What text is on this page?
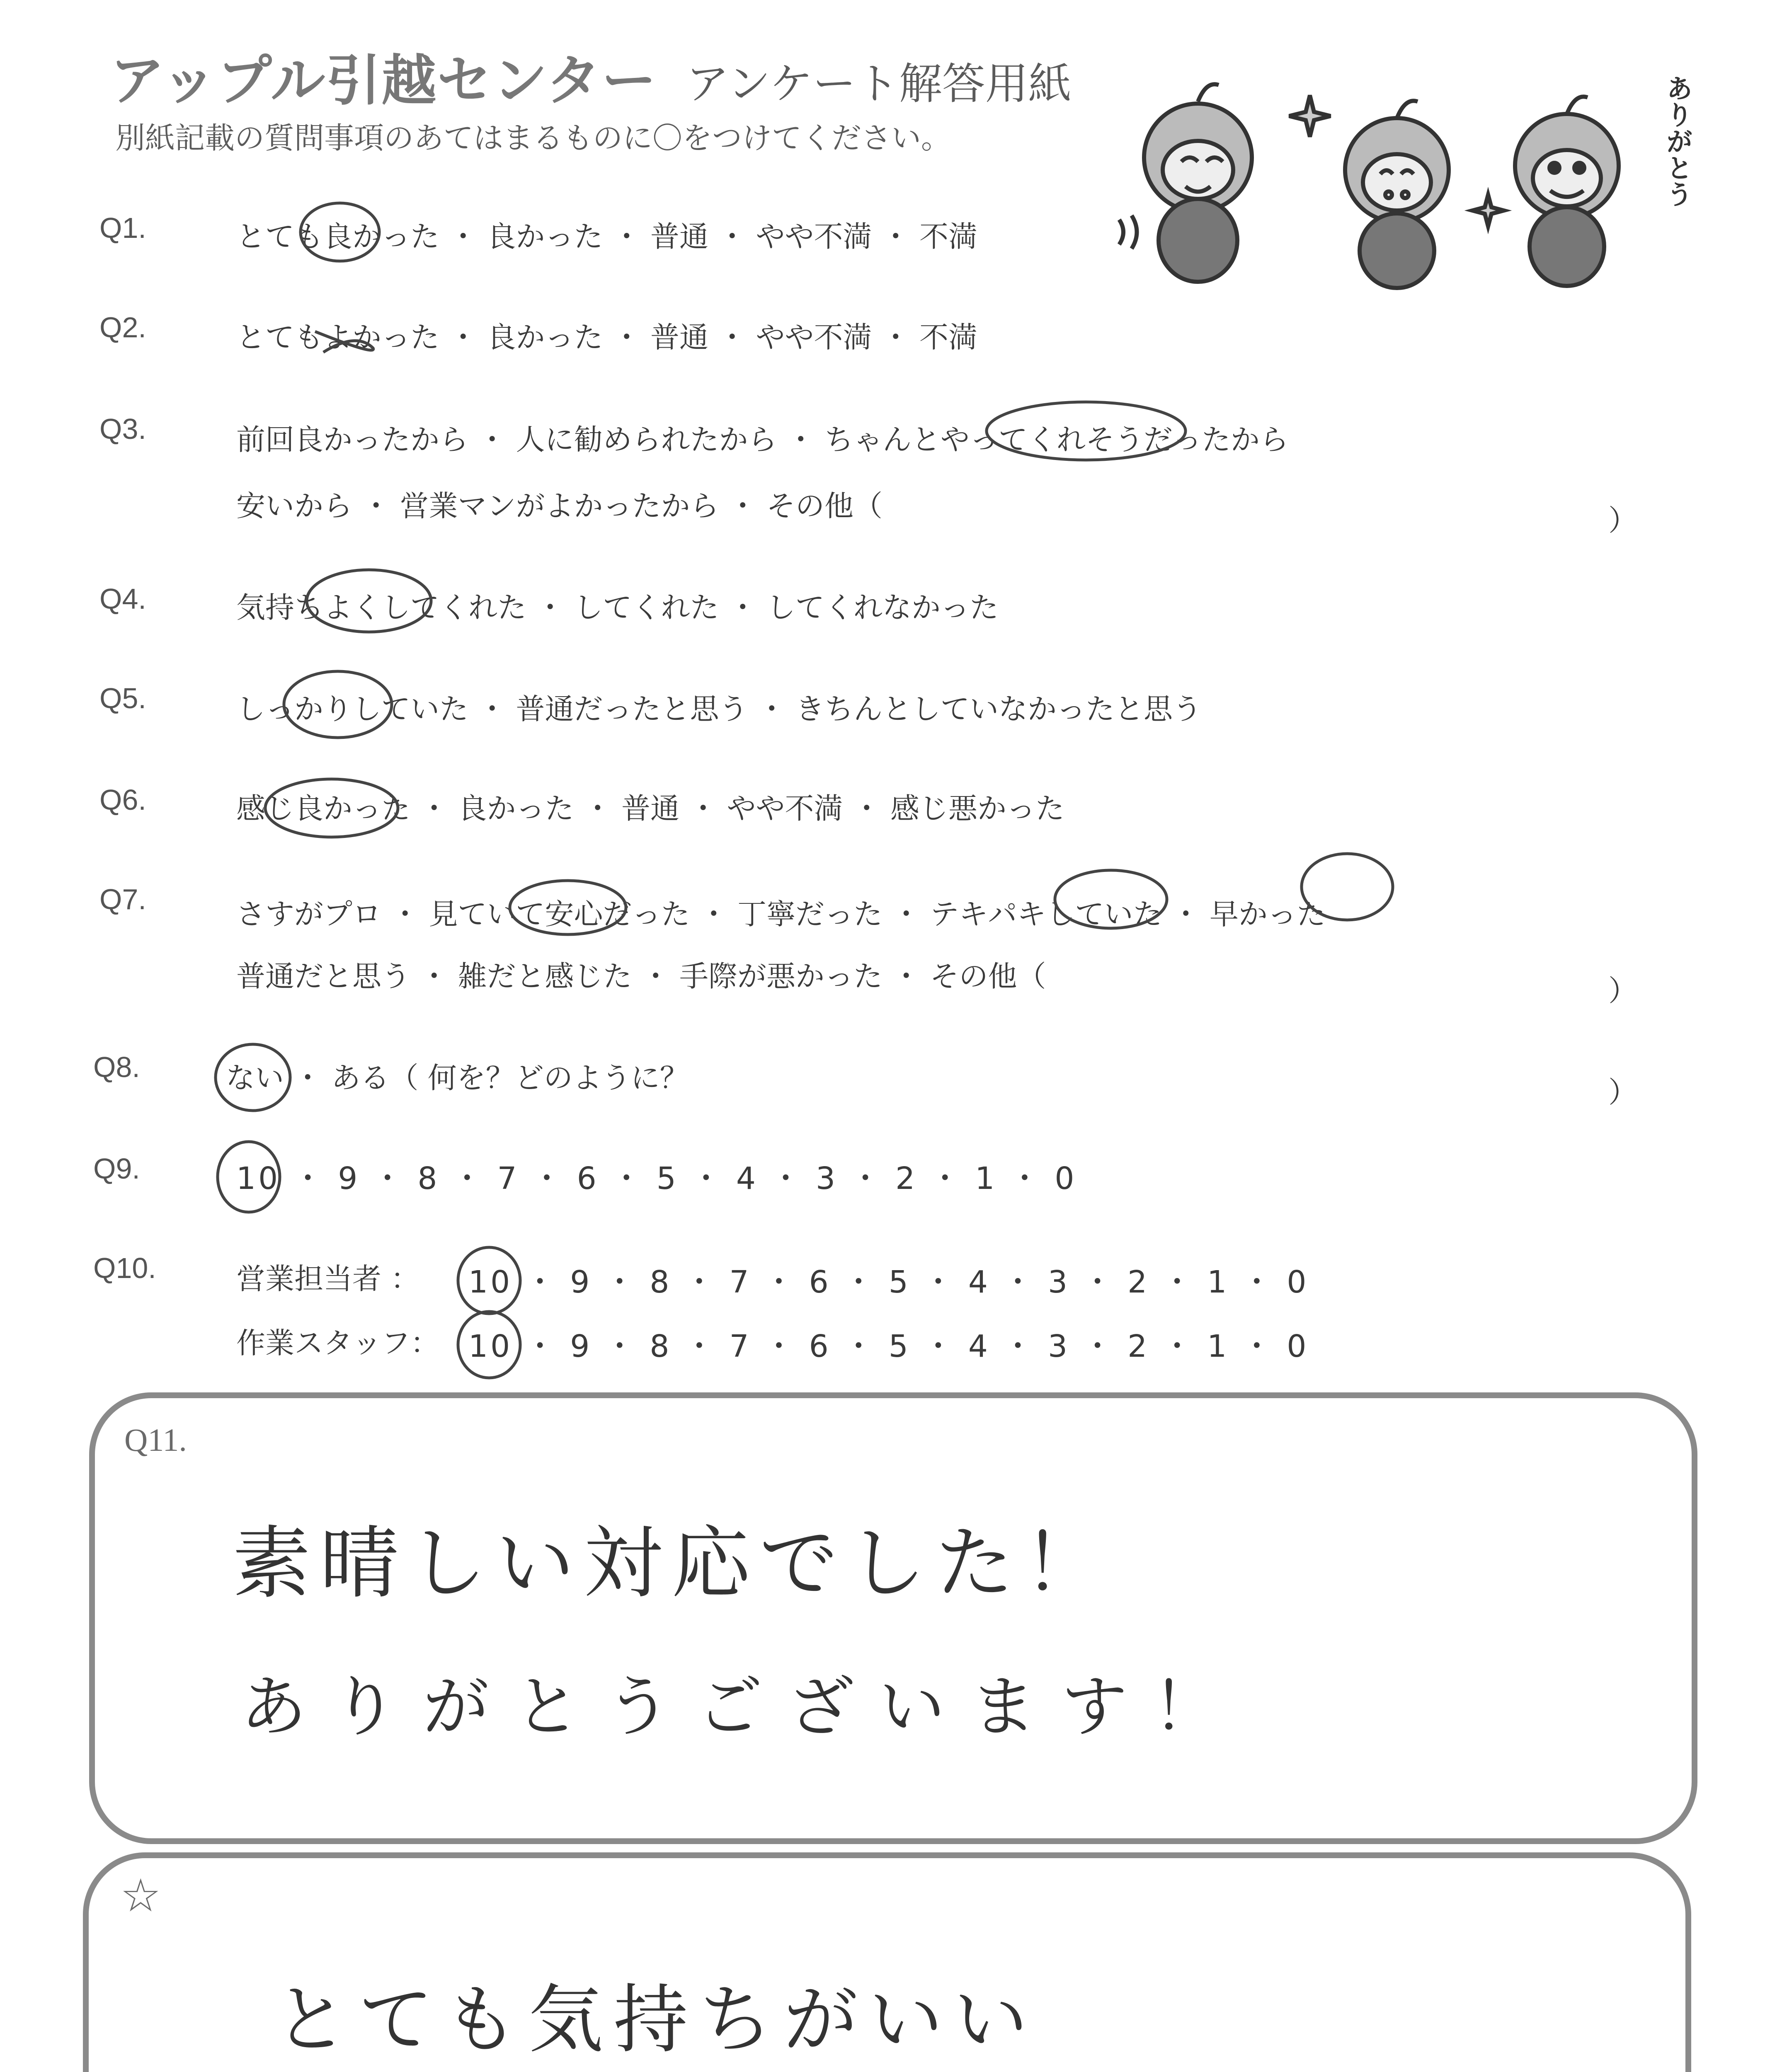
アップル引越センター アンケート解答用紙
別紙記載の質問事項のあてはまるものに〇をつけてください。	ありがとう
Q1.	とても良かった ・ 良かった ・ 普通 ・ やや不満 ・ 不満
Q2.	とてもよかった ・ 良かった ・ 普通 ・ やや不満 ・ 不満
Q3.	前回良かったから ・ 人に勧められたから ・ ちゃんとやってくれそうだったから
安いから ・ 営業マンがよかったから ・ その他（	）
Q4.	気持ちよくしてくれた ・ してくれた ・ してくれなかった
Q5.	しっかりしていた ・ 普通だったと思う ・ きちんとしていなかったと思う
Q6.	感じ良かった ・ 良かった ・ 普通 ・ やや不満 ・ 感じ悪かった
Q7.	さすがプロ ・ 見ていて安心だった ・ 丁寧だった ・ テキパキしていた ・ 早かった
普通だと思う ・ 雑だと感じた ・ 手際が悪かった ・ その他（	）
Q8.	ない ・ ある（ 何を？どのように？	）
Q9.	10 ・ 9 ・ 8 ・ 7 ・ 6 ・ 5 ・ 4 ・ 3 ・ 2 ・ 1 ・ 0
Q10.	営業担当者 ： 10 ・ 9 ・ 8 ・ 7 ・ 6 ・ 5 ・ 4 ・ 3 ・ 2 ・ 1 ・ 0
作業スタッフ： 10 ・ 9 ・ 8 ・ 7 ・ 6 ・ 5 ・ 4 ・ 3 ・ 2 ・ 1 ・ 0
Q11.
素晴しい対応でした！
ありがとうございます！
☆
とても気持ちがいい
